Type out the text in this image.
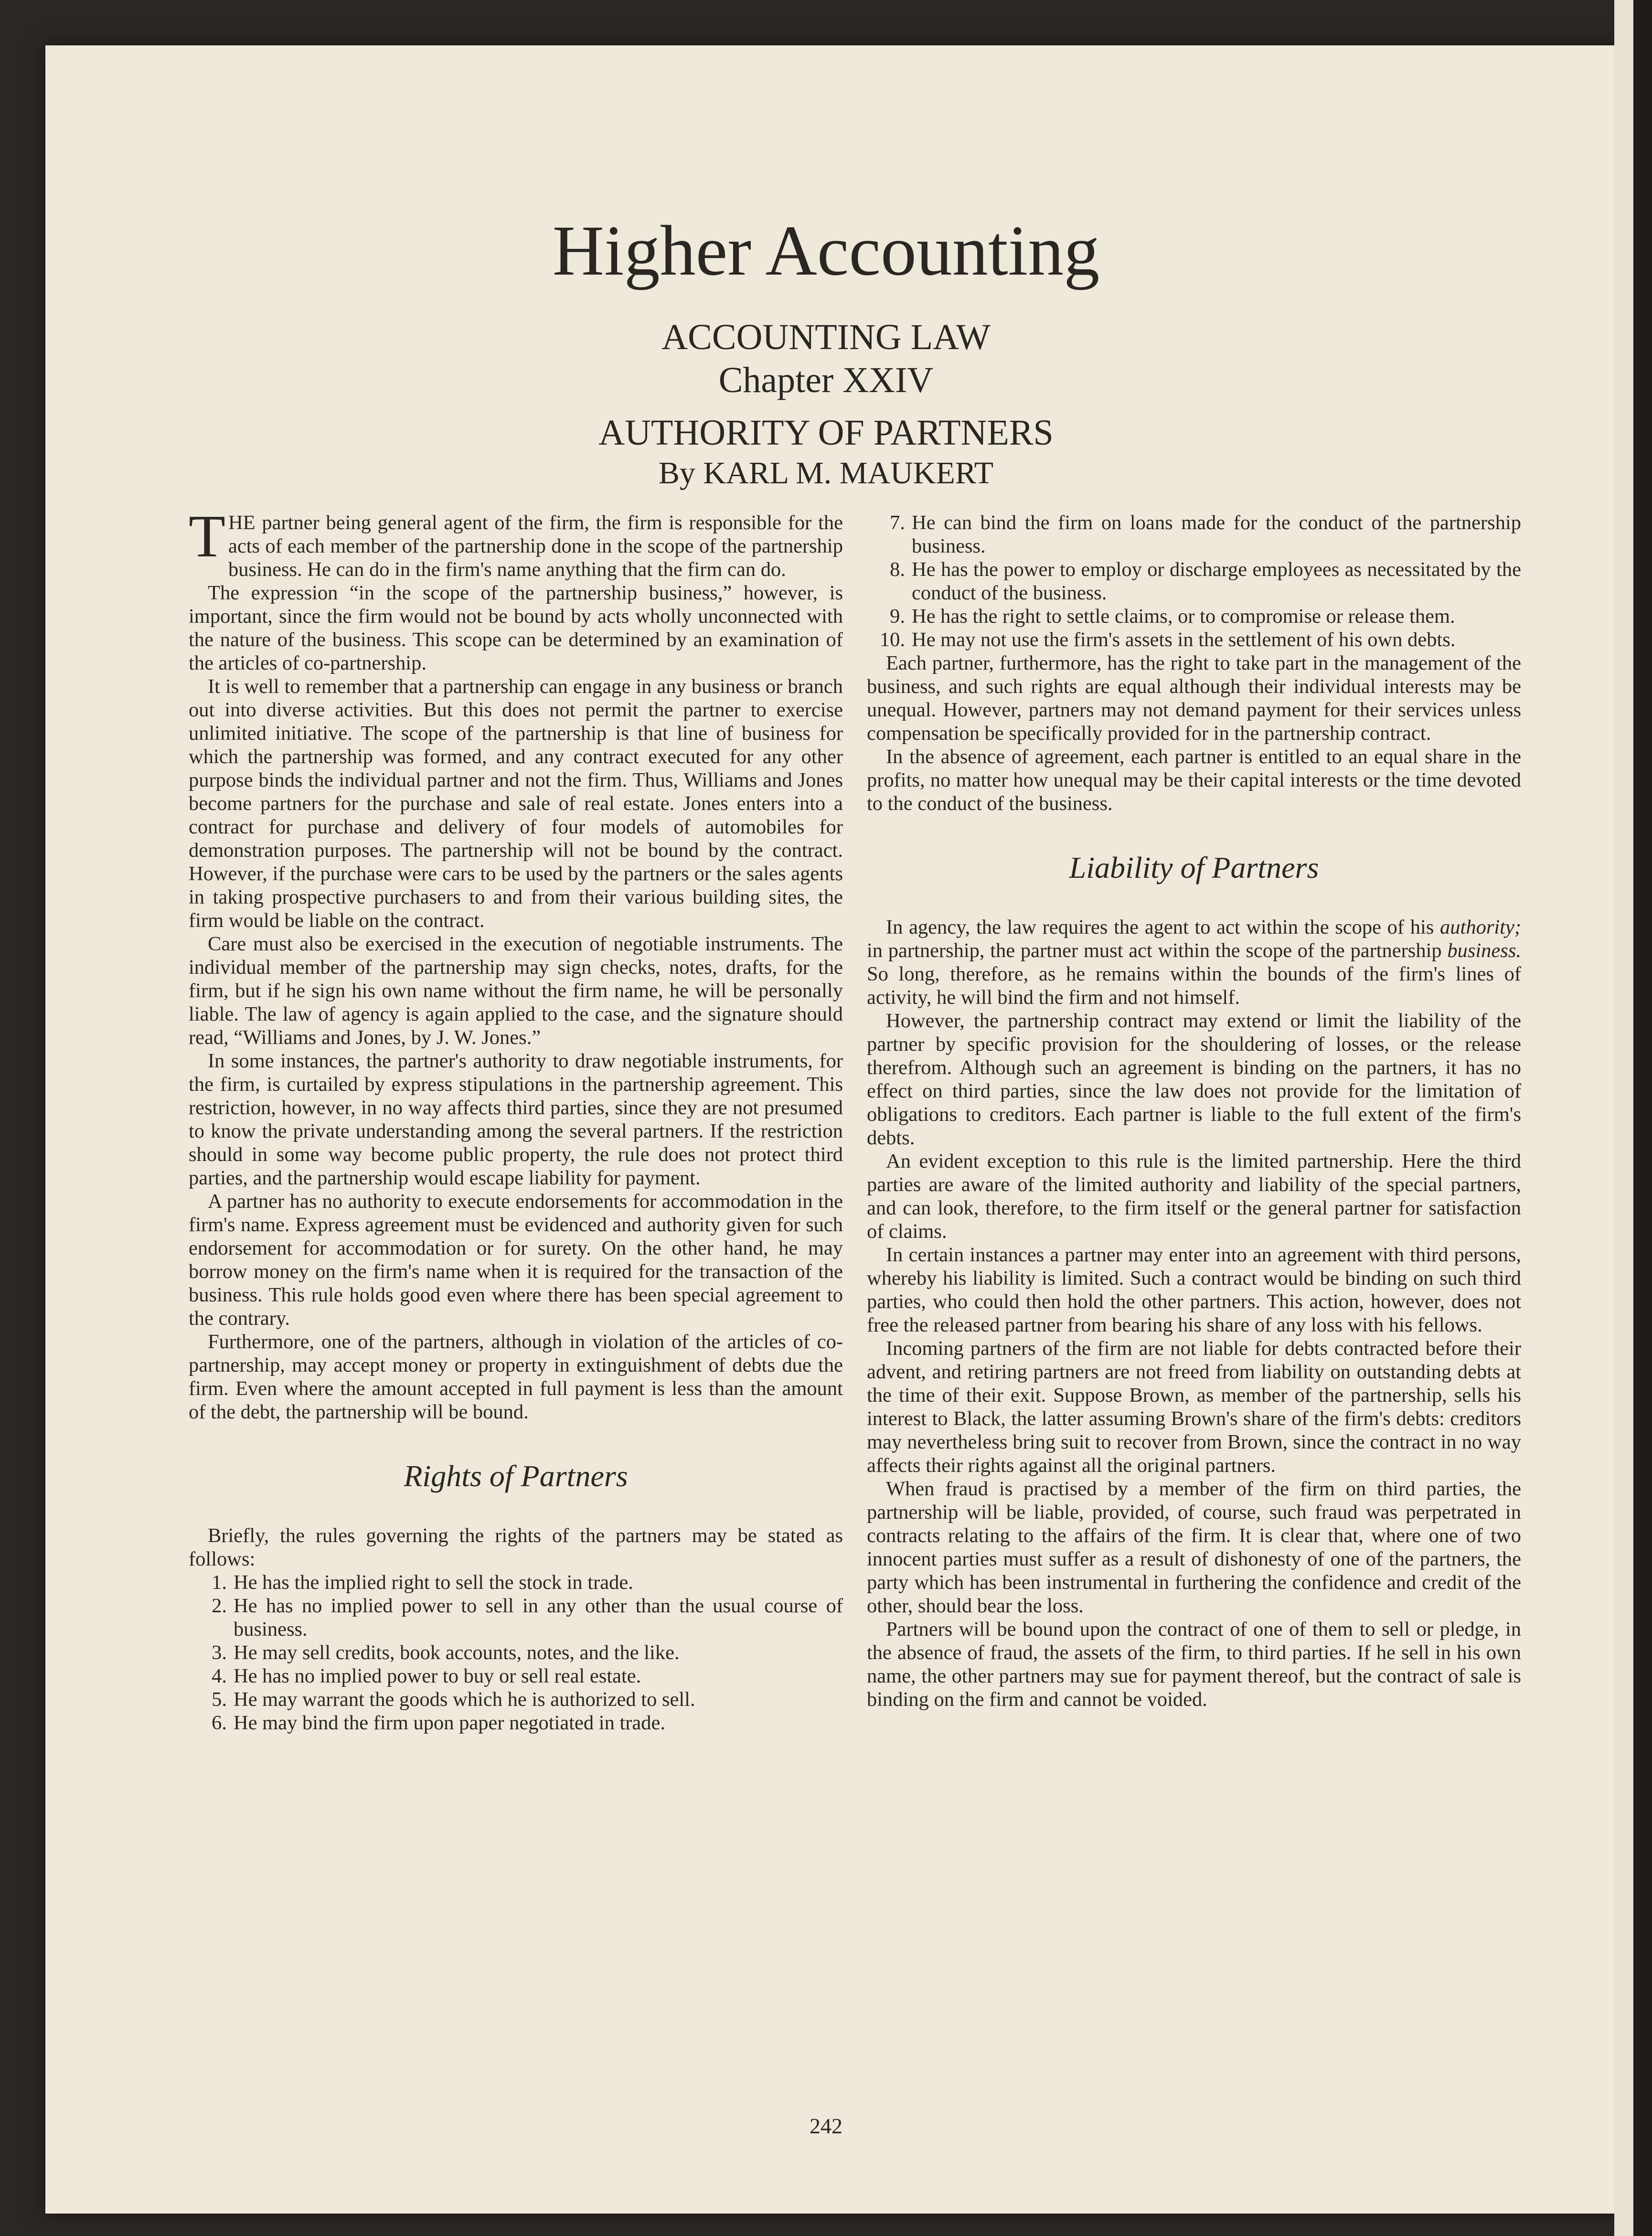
Higher Accounting
ACCOUNTING LAW
Chapter XXIV
AUTHORITY OF PARTNERS
By KARL M. MAUKERT

THE partner being general agent of the firm, the firm is responsible for the acts of each member of the partnership done in the scope of the partnership business. He can do in the firm's name anything that the firm can do.

The expression “in the scope of the partnership business,” however, is important, since the firm would not be bound by acts wholly unconnected with the nature of the business. This scope can be determined by an examination of the articles of co-partnership.

It is well to remember that a partnership can engage in any business or branch out into diverse activities. But this does not permit the partner to exercise unlimited initiative. The scope of the partnership is that line of business for which the partnership was formed, and any contract executed for any other purpose binds the individual partner and not the firm. Thus, Williams and Jones become partners for the purchase and sale of real estate. Jones enters into a contract for purchase and delivery of four models of automobiles for demonstration purposes. The partnership will not be bound by the contract. However, if the purchase were cars to be used by the partners or the sales agents in taking prospective purchasers to and from their various building sites, the firm would be liable on the contract.

Care must also be exercised in the execution of negotiable instruments. The individual member of the partnership may sign checks, notes, drafts, for the firm, but if he sign his own name without the firm name, he will be personally liable. The law of agency is again applied to the case, and the signature should read, “Williams and Jones, by J. W. Jones.”

In some instances, the partner's authority to draw negotiable instruments, for the firm, is curtailed by express stipulations in the partnership agreement. This restriction, however, in no way affects third parties, since they are not presumed to know the private understanding among the several partners. If the restriction should in some way become public property, the rule does not protect third parties, and the partnership would escape liability for payment.

A partner has no authority to execute endorsements for accommodation in the firm's name. Express agreement must be evidenced and authority given for such endorsement for accommodation or for surety. On the other hand, he may borrow money on the firm's name when it is required for the transaction of the business. This rule holds good even where there has been special agreement to the contrary.

Furthermore, one of the partners, although in violation of the articles of co-partnership, may accept money or property in extinguishment of debts due the firm. Even where the amount accepted in full payment is less than the amount of the debt, the partnership will be bound.

Rights of Partners

Briefly, the rules governing the rights of the partners may be stated as follows:

1. He has the implied right to sell the stock in trade.
2. He has no implied power to sell in any other than the usual course of business.
3. He may sell credits, book accounts, notes, and the like.
4. He has no implied power to buy or sell real estate.
5. He may warrant the goods which he is authorized to sell.
6. He may bind the firm upon paper negotiated in trade.
7. He can bind the firm on loans made for the conduct of the partnership business.
8. He has the power to employ or discharge employees as necessitated by the conduct of the business.
9. He has the right to settle claims, or to compromise or release them.
10. He may not use the firm's assets in the settlement of his own debts.

Each partner, furthermore, has the right to take part in the management of the business, and such rights are equal although their individual interests may be unequal. However, partners may not demand payment for their services unless compensation be specifically provided for in the partnership contract.

In the absence of agreement, each partner is entitled to an equal share in the profits, no matter how unequal may be their capital interests or the time devoted to the conduct of the business.

Liability of Partners

In agency, the law requires the agent to act within the scope of his authority; in partnership, the partner must act within the scope of the partnership business. So long, therefore, as he remains within the bounds of the firm's lines of activity, he will bind the firm and not himself.

However, the partnership contract may extend or limit the liability of the partner by specific provision for the shouldering of losses, or the release therefrom. Although such an agreement is binding on the partners, it has no effect on third parties, since the law does not provide for the limitation of obligations to creditors. Each partner is liable to the full extent of the firm's debts.

An evident exception to this rule is the limited partnership. Here the third parties are aware of the limited authority and liability of the special partners, and can look, therefore, to the firm itself or the general partner for satisfaction of claims.

In certain instances a partner may enter into an agreement with third persons, whereby his liability is limited. Such a contract would be binding on such third parties, who could then hold the other partners. This action, however, does not free the released partner from bearing his share of any loss with his fellows.

Incoming partners of the firm are not liable for debts contracted before their advent, and retiring partners are not freed from liability on outstanding debts at the time of their exit. Suppose Brown, as member of the partnership, sells his interest to Black, the latter assuming Brown's share of the firm's debts: creditors may nevertheless bring suit to recover from Brown, since the contract in no way affects their rights against all the original partners.

When fraud is practised by a member of the firm on third parties, the partnership will be liable, provided, of course, such fraud was perpetrated in contracts relating to the affairs of the firm. It is clear that, where one of two innocent parties must suffer as a result of dishonesty of one of the partners, the party which has been instrumental in furthering the confidence and credit of the other, should bear the loss.

Partners will be bound upon the contract of one of them to sell or pledge, in the absence of fraud, the assets of the firm, to third parties. If he sell in his own name, the other partners may sue for payment thereof, but the contract of sale is binding on the firm and cannot be voided.

242
